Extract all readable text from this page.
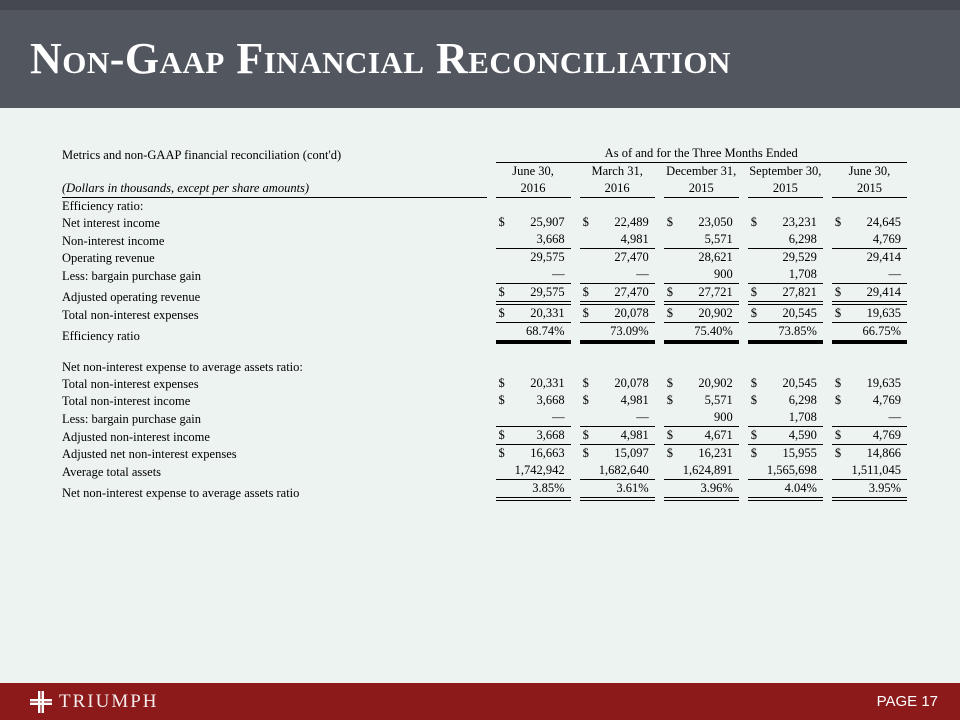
Non-Gaap Financial Reconciliation
Metrics and non-GAAP financial reconciliation (cont'd)	As of and for the Three Months Ended				

June 30,	March 31,	December 31,	September 30,	June 30,

(Dollars in thousands, except per share amounts)	2016	2016	2015	2015	2015

Efficiency ratio:					
Net interest income	$ 25,907	$ 22,489	$ 23,050	$ 23,231	$ 24,645

Non-interest income	3,668	4,981	5,571	6,298	4,769

Operating revenue	29,575	27,470	28,621	29,529	29,414

Less: bargain purchase gain	—	—	900	1,708	—

Adjusted operating revenue	$ 29,575	$ 27,470	$ 27,721	$ 27,821	$ 29,414

Total non-interest expenses	$ 20,331	$ 20,078	$ 20,902	$ 20,545	$ 19,635

Efficiency ratio	68.74%	73.09%	75.40%	73.85%	66.75%

Net non-interest expense to average assets ratio:					
Total non-interest expenses	$ 20,331	$ 20,078	$ 20,902	$ 20,545	$ 19,635

Total non-interest income	$ 3,668	$ 4,981	$ 5,571	$ 6,298	$ 4,769

Less: bargain purchase gain	—	—	900	1,708	—

Adjusted non-interest income	$ 3,668	$ 4,981	$ 4,671	$ 4,590	$ 4,769

Adjusted net non-interest expenses	$ 16,663	$ 15,097	$ 16,231	$ 15,955	$ 14,866

Average total assets	1,742,942	1,682,640	1,624,891	1,565,698	1,511,045

Net non-interest expense to average assets ratio	3.85%	3.61%	3.96%	4.04%	3.95%
TRIUMPH	PAGE 17
